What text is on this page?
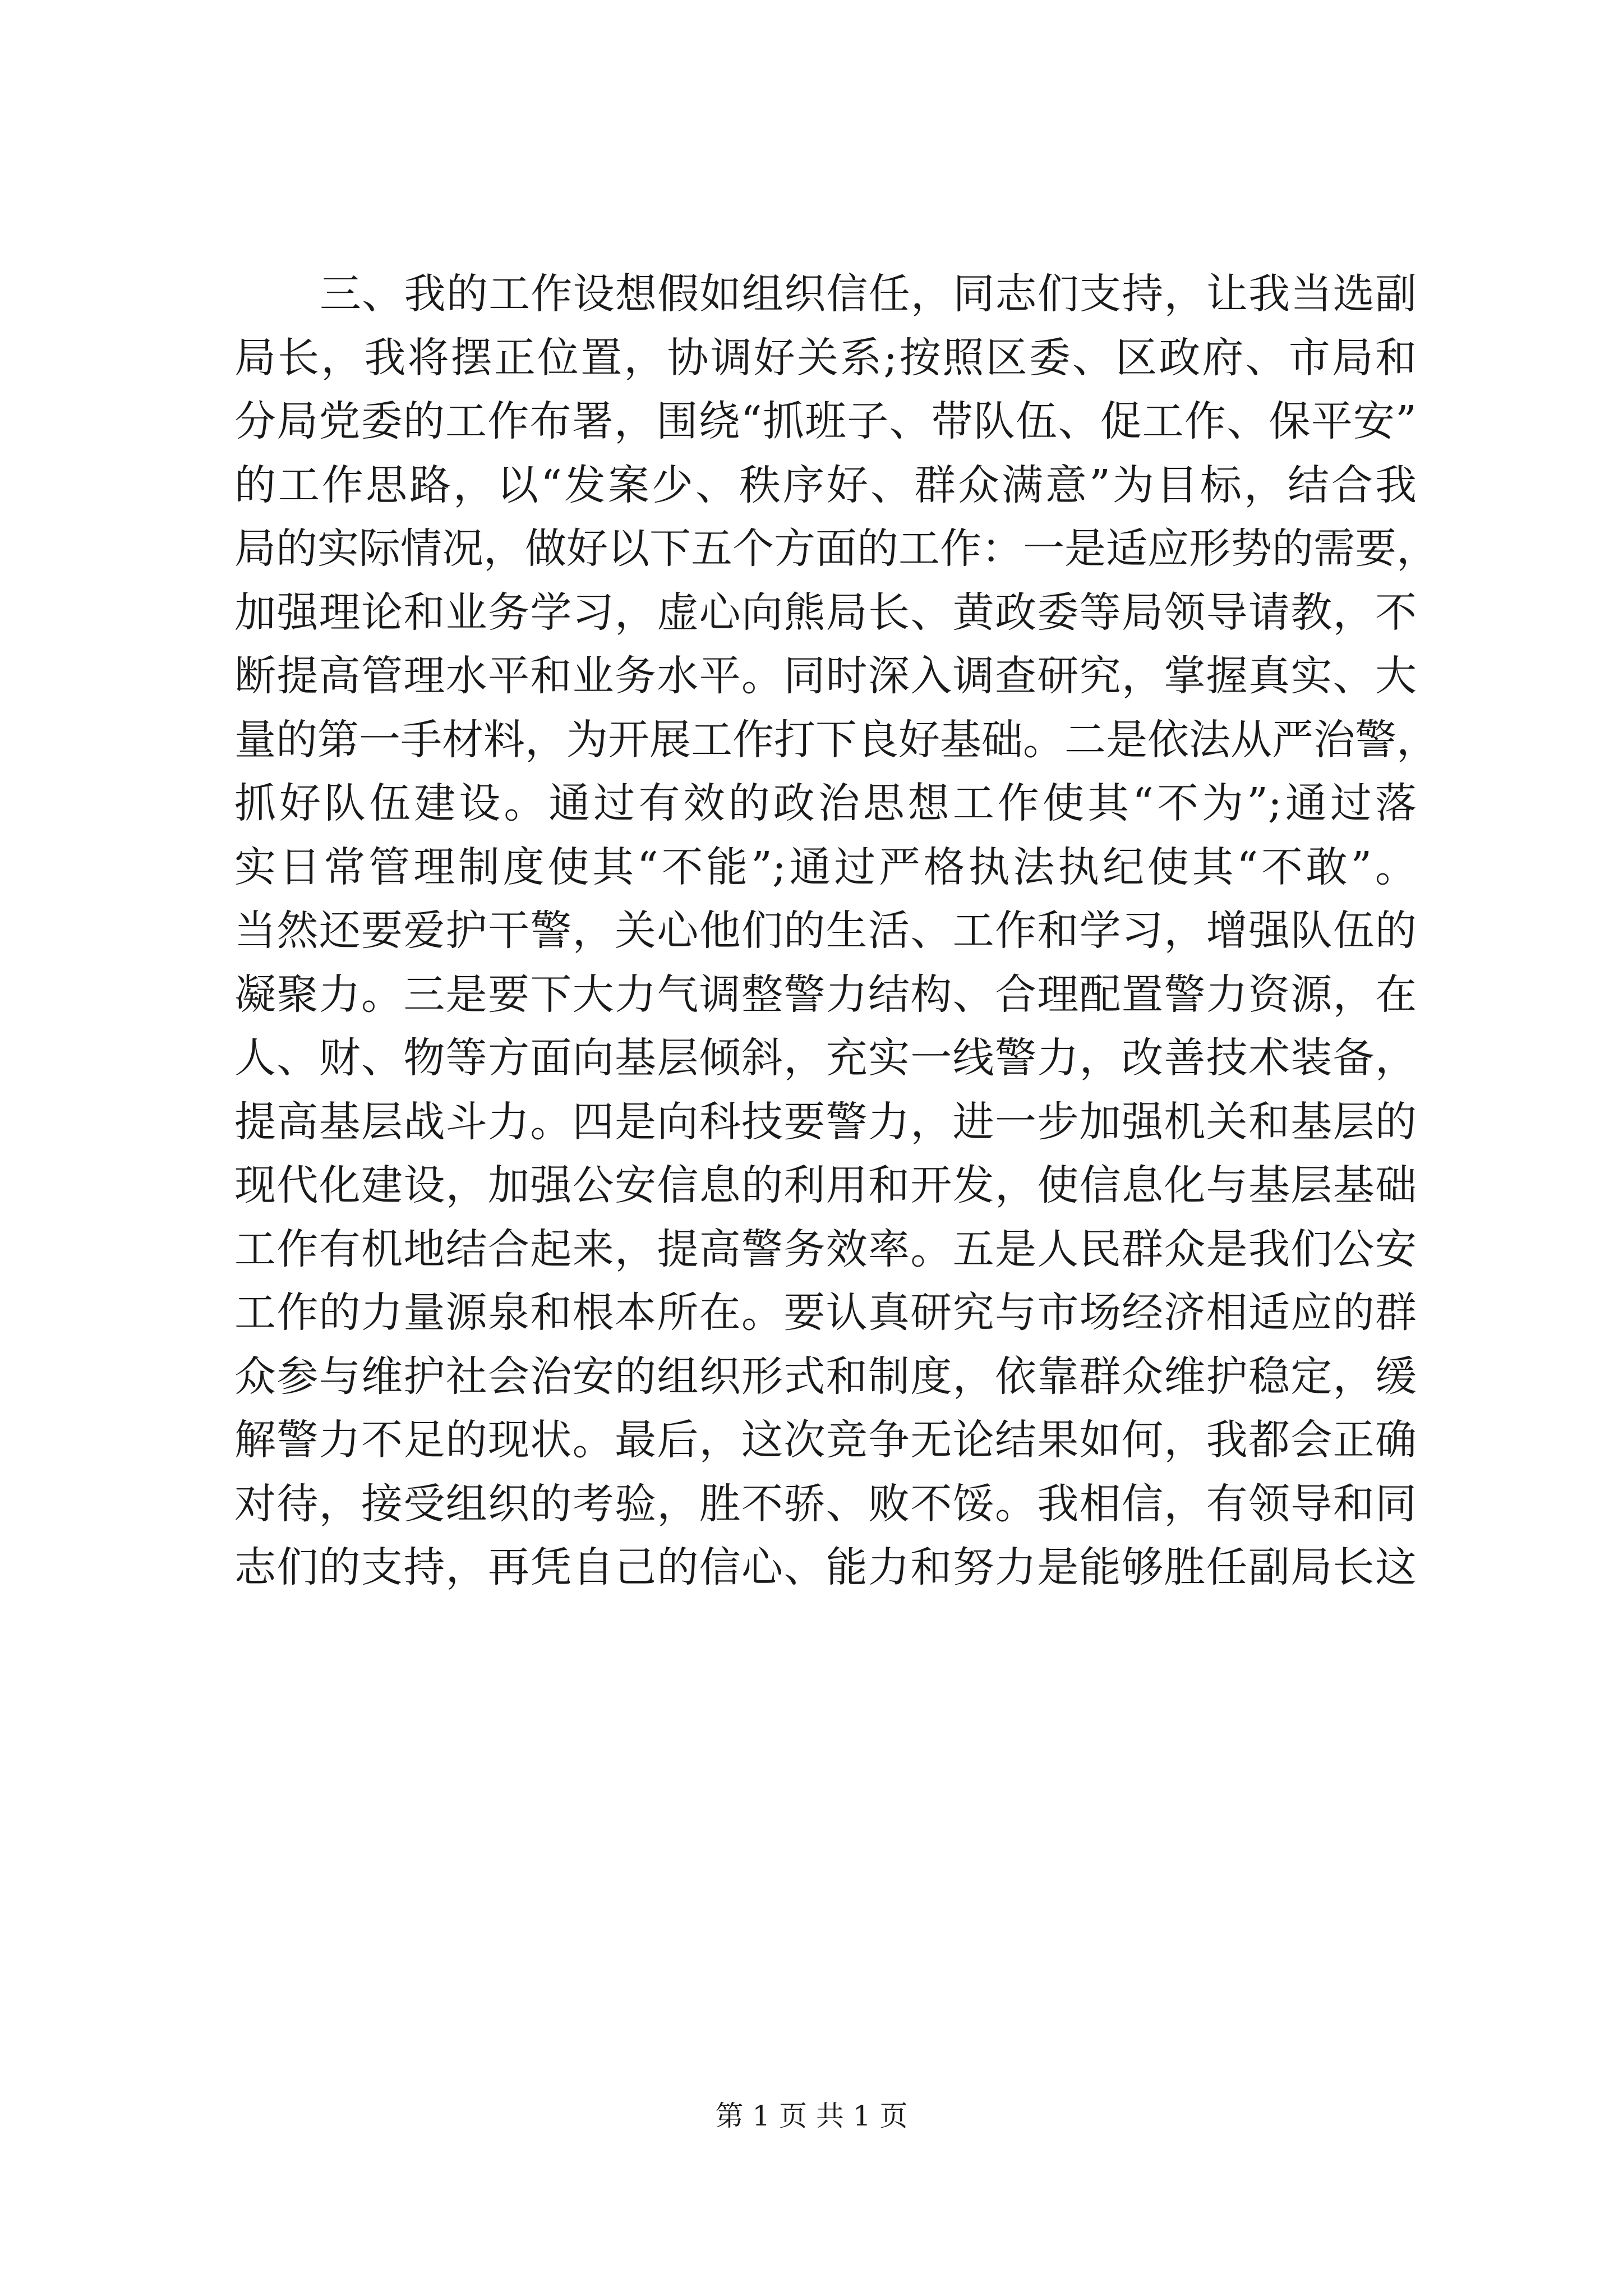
三、我的工作设想假如组织信任，同志们支持，让我当选副
局长，我将摆正位置，协调好关系;按照区委、区政府、市局和
分局党委的工作布署，围绕“抓班子、带队伍、促工作、保平安”
的工作思路，以“发案少、秩序好、群众满意”为目标，结合我
局的实际情况，做好以下五个方面的工作：一是适应形势的需要，
加强理论和业务学习，虚心向熊局长、黄政委等局领导请教，不
断提高管理水平和业务水平。同时深入调查研究，掌握真实、大
量的第一手材料，为开展工作打下良好基础。二是依法从严治警，
抓好队伍建设。通过有效的政治思想工作使其“不为”;通过落
实日常管理制度使其“不能”;通过严格执法执纪使其“不敢”。
当然还要爱护干警，关心他们的生活、工作和学习，增强队伍的
凝聚力。三是要下大力气调整警力结构、合理配置警力资源，在
人、财、物等方面向基层倾斜，充实一线警力，改善技术装备，
提高基层战斗力。四是向科技要警力，进一步加强机关和基层的
现代化建设，加强公安信息的利用和开发，使信息化与基层基础
工作有机地结合起来，提高警务效率。五是人民群众是我们公安
工作的力量源泉和根本所在。要认真研究与市场经济相适应的群
众参与维护社会治安的组织形式和制度，依靠群众维护稳定，缓
解警力不足的现状。最后，这次竞争无论结果如何，我都会正确
对待，接受组织的考验，胜不骄、败不馁。我相信，有领导和同
志们的支持，再凭自己的信心、能力和努力是能够胜任副局长这
第 1 页 共 1 页
